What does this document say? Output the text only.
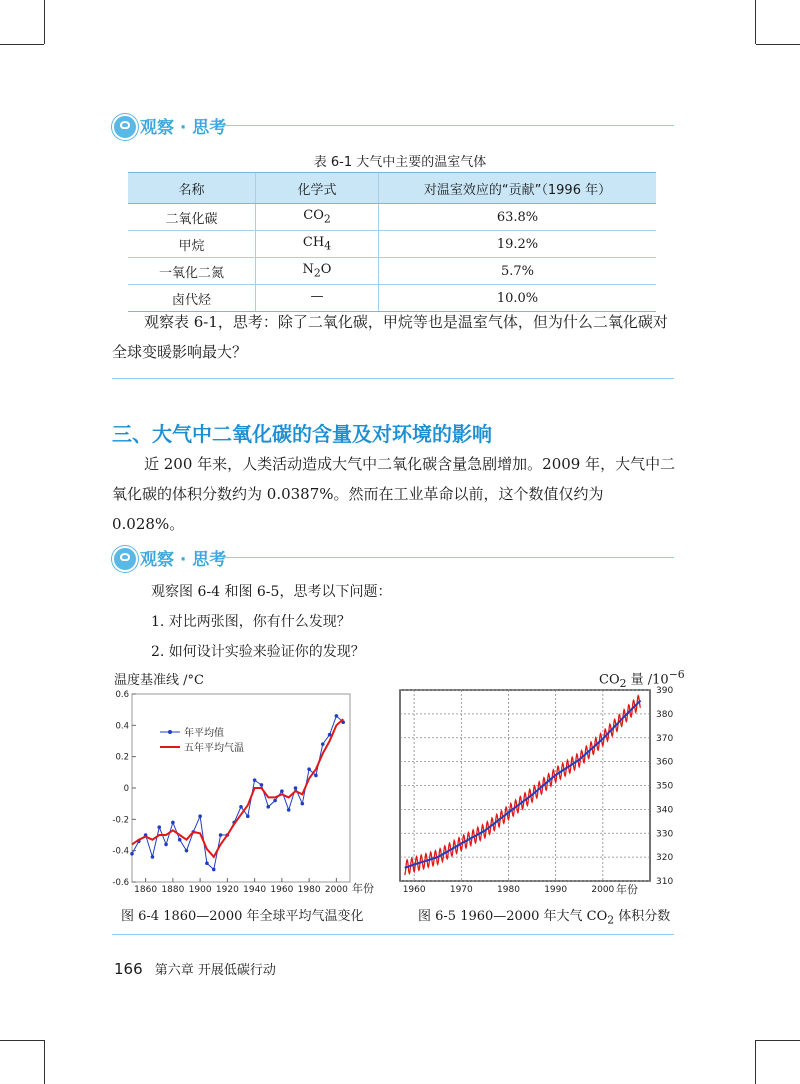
观察 · 思考
表 6-1 大气中主要的温室气体
名称	化学式	对温室效应的“贡献”（1996 年）
二氧化碳	$CO_2$	63.8%
甲烷	$CH_4$	19.2%
一氧化二氮	$N_2O$	5.7%
卤代烃	—	10.0%
观察表 6-1，思考：除了二氧化碳，甲烷等也是温室气体，但为什么二氧化碳对全球变暖影响最大？
三、大气中二氧化碳的含量及对环境的影响
近 200 年来，人类活动造成大气中二氧化碳含量急剧增加。2009 年，大气中二氧化碳的体积分数约为 0.0387%。然而在工业革命以前，这个数值仅约为 0.028%。
观察 · 思考
观察图 6-4 和图 6-5，思考以下问题：
1. 对比两张图，你有什么发现？
2. 如何设计实验来验证你的发现？
温度基准线 /°C	$CO_2$ 量 $/10^{-6}$
0.6
0.4
0.2
0
-0.2
-0.4
-0.6
1860 1880 1900 1920 1940 1960 1980 2000
年平均值
五年平均气温
年份
390
380
370
360
350
340
330
320
310
1960	1970	1980	1990	2000 年份
图 6-4 1860—2000 年全球平均气温变化	图 6-5 1960—2000 年大气 $CO_2$ 体积分数
166 第六章 开展低碳行动
